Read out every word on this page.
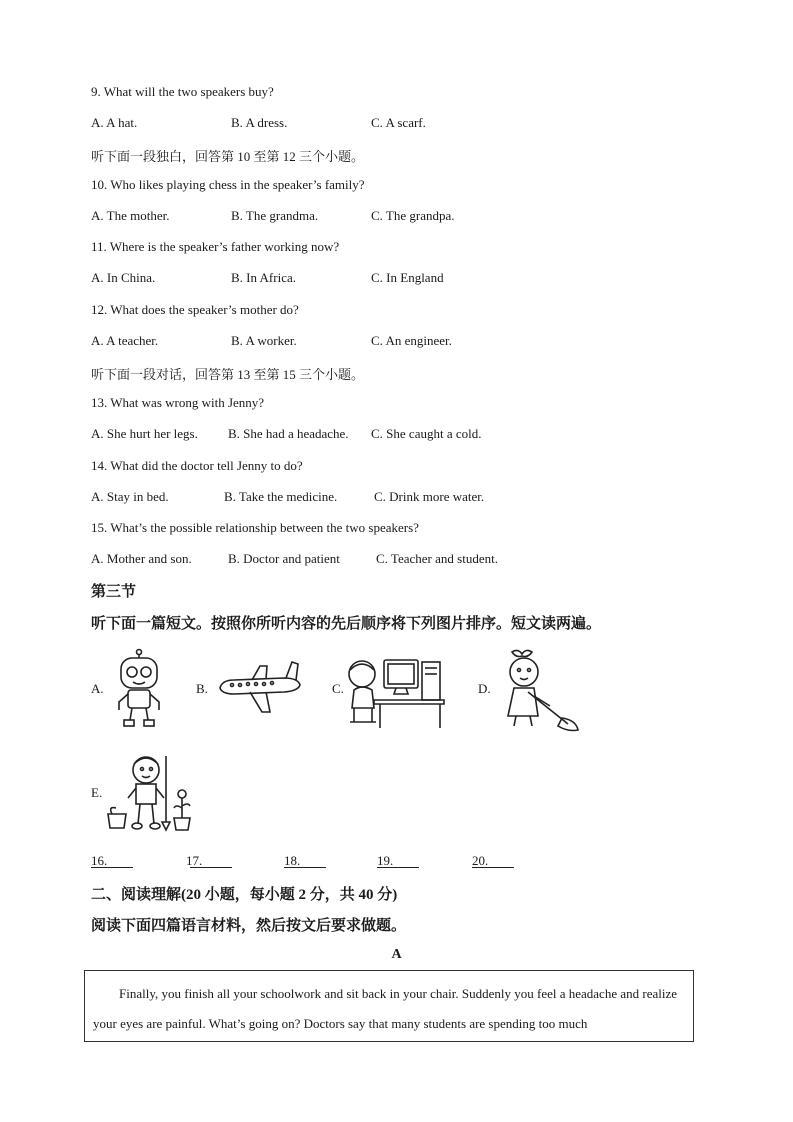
9. What will the two speakers buy?
A. A hat.	B. A dress.	C. A scarf.
听下面一段独白，回答第 10 至第 12 三个小题。
10. Who likes playing chess in the speaker’s family?
A. The mother.	B. The grandma.	C. The grandpa.
11. Where is the speaker’s father working now?
A. In China.	B. In Africa.	C. In England
12. What does the speaker’s mother do?
A. A teacher.	B. A worker.	C. An engineer.
听下面一段对话，回答第 13 至第 15 三个小题。
13. What was wrong with Jenny?
A. She hurt her legs. B. She had a headache. C. She caught a cold.
14. What did the doctor tell Jenny to do?
A. Stay in bed.	B. Take the medicine.	C. Drink more water.
15. What’s the possible relationship between the two speakers?
A. Mother and son.	B. Doctor and patient	C. Teacher and student.
第三节
听下面一篇短文。按照你所听内容的先后顺序将下列图片排序。短文读两遍。
A.	B.	C.	D.
E.
16.	17.	18.	19.	20.
二、阅读理解(20 小题，每小题 2 分，共 40 分)
阅读下面四篇语言材料，然后按文后要求做题。
A

Finally, you finish all your schoolwork and sit back in your chair. Suddenly you feel a headache and realize your eyes are painful. What’s going on? Doctors say that many students are spending too much
